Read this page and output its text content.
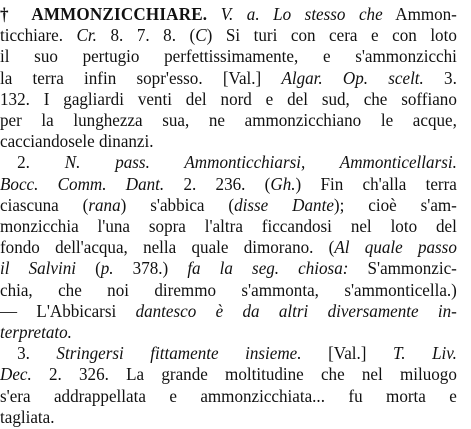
† AMMONZICCHIARE. V. a. Lo stesso che Ammon-
ticchiare. Cr. 8. 7. 8. (C) Si turi con cera e con loto
il suo pertugio perfettissimamente, e s'ammonzicchi
la terra infin sopr'esso. [Val.] Algar. Op. scelt. 3.
132. I gagliardi venti del nord e del sud, che soffiano
per la lunghezza sua, ne ammonzicchiano le acque,
cacciandosele dinanzi.
 2. N. pass. Ammonticchiarsi, Ammonticellarsi.
Bocc. Comm. Dant. 2. 236. (Gh.) Fin ch'alla terra
ciascuna (rana) s'abbica (disse Dante); cioè s'am-
monzicchia l'una sopra l'altra ficcandosi nel loto del
fondo dell'acqua, nella quale dimorano. (Al quale passo
il Salvini (p. 378.) fa la seg. chiosa: S'ammonzic-
chia, che noi diremmo s'ammonta, s'ammonticella.)
— L'Abbicarsi dantesco è da altri diversamente in-
terpretato.
 3. Stringersi fittamente insieme. [Val.] T. Liv.
Dec. 2. 326. La grande moltitudine che nel miluogo
s'era addrappellata e ammonzicchiata... fu morta e
tagliata.
